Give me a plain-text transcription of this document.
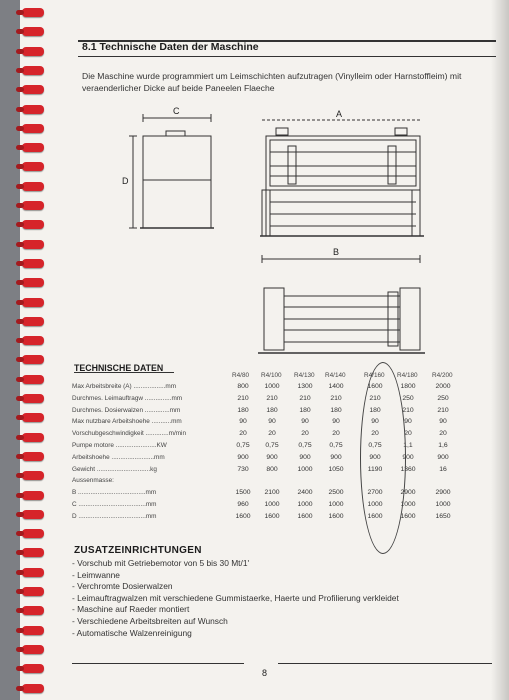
8.1 Technische Daten der Maschine
Die Maschine wurde programmiert um Leimschichten aufzutragen (Vinylleim oder Harnstoffleim) mit veraenderlicher Dicke auf beide Paneelen Flaeche
C
D
A
B
TECHNISCHE DATEN
R4/80 R4/100 R4/130 R4/140	R4/160 R4/180 R4/200
Max Arbeitsbreite (A) ..................mm	800	1000	1300	1400	1600	1800	2000
Durchmes. Leimauftragw ...............mm	210	210	210	210	210	250	250
Durchmes. Dosierwalzen ..............mm	180	180	180	180	180	210	210
Max nutzbare Arbeitshoehe ...........mm	90	90	90	90	90	90	90
Vorschubgeschwindigkeit .............m/min	20	20	20	20	20	20	20
Pumpe motore .......................KW	0,75	0,75	0,75	0,75	0,75	1,1	1,6
Arbeitshoehe ........................mm	900	900	900	900	900	900	900
Gewicht ..............................kg	730	800	1000	1050	1190	1360	16
Aussenmasse:
B ......................................mm	1500	2100	2400	2500	2700	2900	2900
C ......................................mm	960	1000	1000	1000	1000	1000	1000
D ......................................mm	1600	1600	1600	1600	1600	1600	1650
ZUSATZEINRICHTUNGEN
- Vorschub mit Getriebemotor von 5 bis 30 Mt/1'
- Leimwanne
- Verchromte Dosierwalzen
- Leimauftragwalzen mit verschiedene Gummistaerke, Haerte und Profilierung verkleidet
- Maschine auf Raeder montiert
- Verschiedene Arbeitsbreiten auf Wunsch
- Automatische Walzenreinigung
8
